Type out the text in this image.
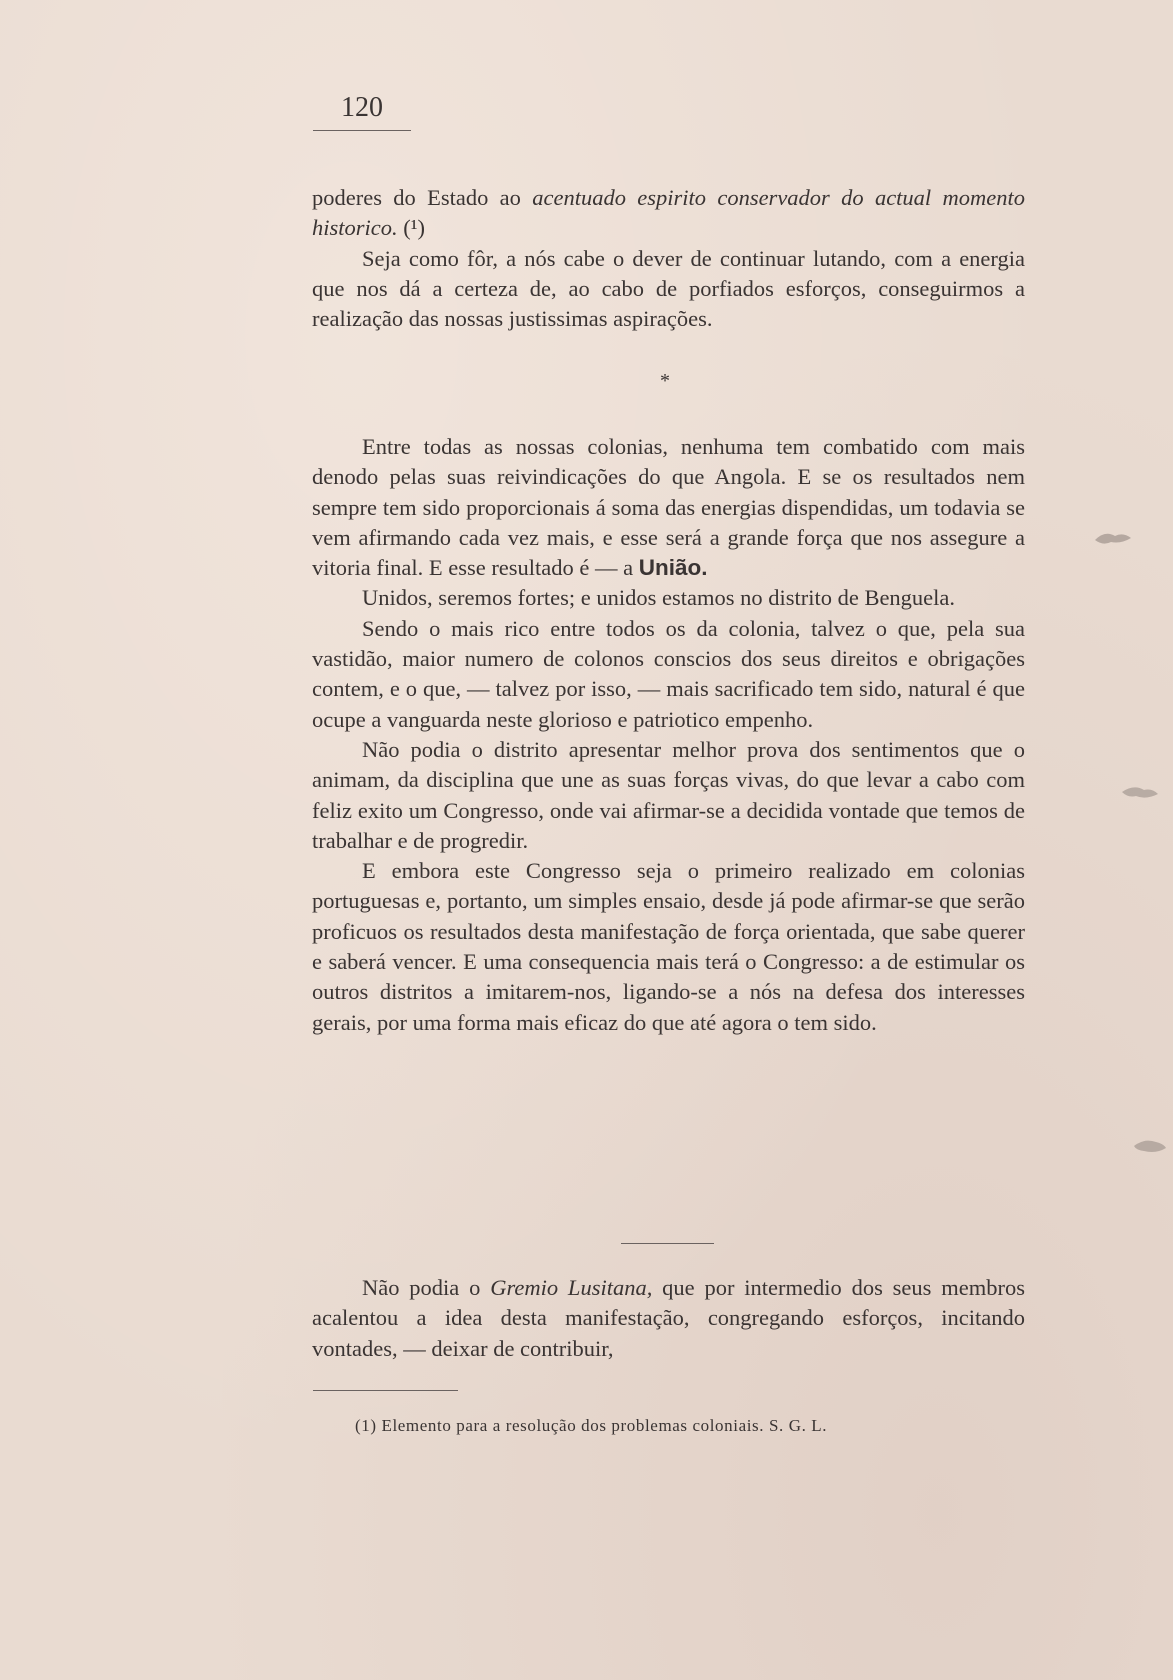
120

poderes do Estado ao acentuado espirito conservador do actual momento historico. (¹)

Seja como fôr, a nós cabe o dever de continuar lutando, com a energia que nos dá a certeza de, ao cabo de porfiados esforços, conseguirmos a realização das nossas justissimas aspirações.

*

Entre todas as nossas colonias, nenhuma tem combatido com mais denodo pelas suas reivindicações do que Angola. E se os resultados nem sempre tem sido proporcionais á soma das energias dispendidas, um todavia se vem afirmando cada vez mais, e esse será a grande força que nos assegure a vitoria final. E esse resultado é — a União.

Unidos, seremos fortes; e unidos estamos no distrito de Benguela.

Sendo o mais rico entre todos os da colonia, talvez o que, pela sua vastidão, maior numero de colonos conscios dos seus direitos e obrigações contem, e o que, — talvez por isso, — mais sacrificado tem sido, natural é que ocupe a vanguarda neste glorioso e patriotico empenho.

Não podia o distrito apresentar melhor prova dos sentimentos que o animam, da disciplina que une as suas forças vivas, do que levar a cabo com feliz exito um Congresso, onde vai afirmar-se a decidida vontade que temos de trabalhar e de progredir.

E embora este Congresso seja o primeiro realizado em colonias portuguesas e, portanto, um simples ensaio, desde já pode afirmar-se que serão proficuos os resultados desta manifestação de força orientada, que sabe querer e saberá vencer. E uma consequencia mais terá o Congresso: a de estimular os outros distritos a imitarem-nos, ligando-se a nós na defesa dos interesses gerais, por uma forma mais eficaz do que até agora o tem sido.

Não podia o Gremio Lusitana, que por intermedio dos seus membros acalentou a idea desta manifestação, congregando esforços, incitando vontades, — deixar de contribuir,

(1) Elemento para a resolução dos problemas coloniais. S. G. L.
